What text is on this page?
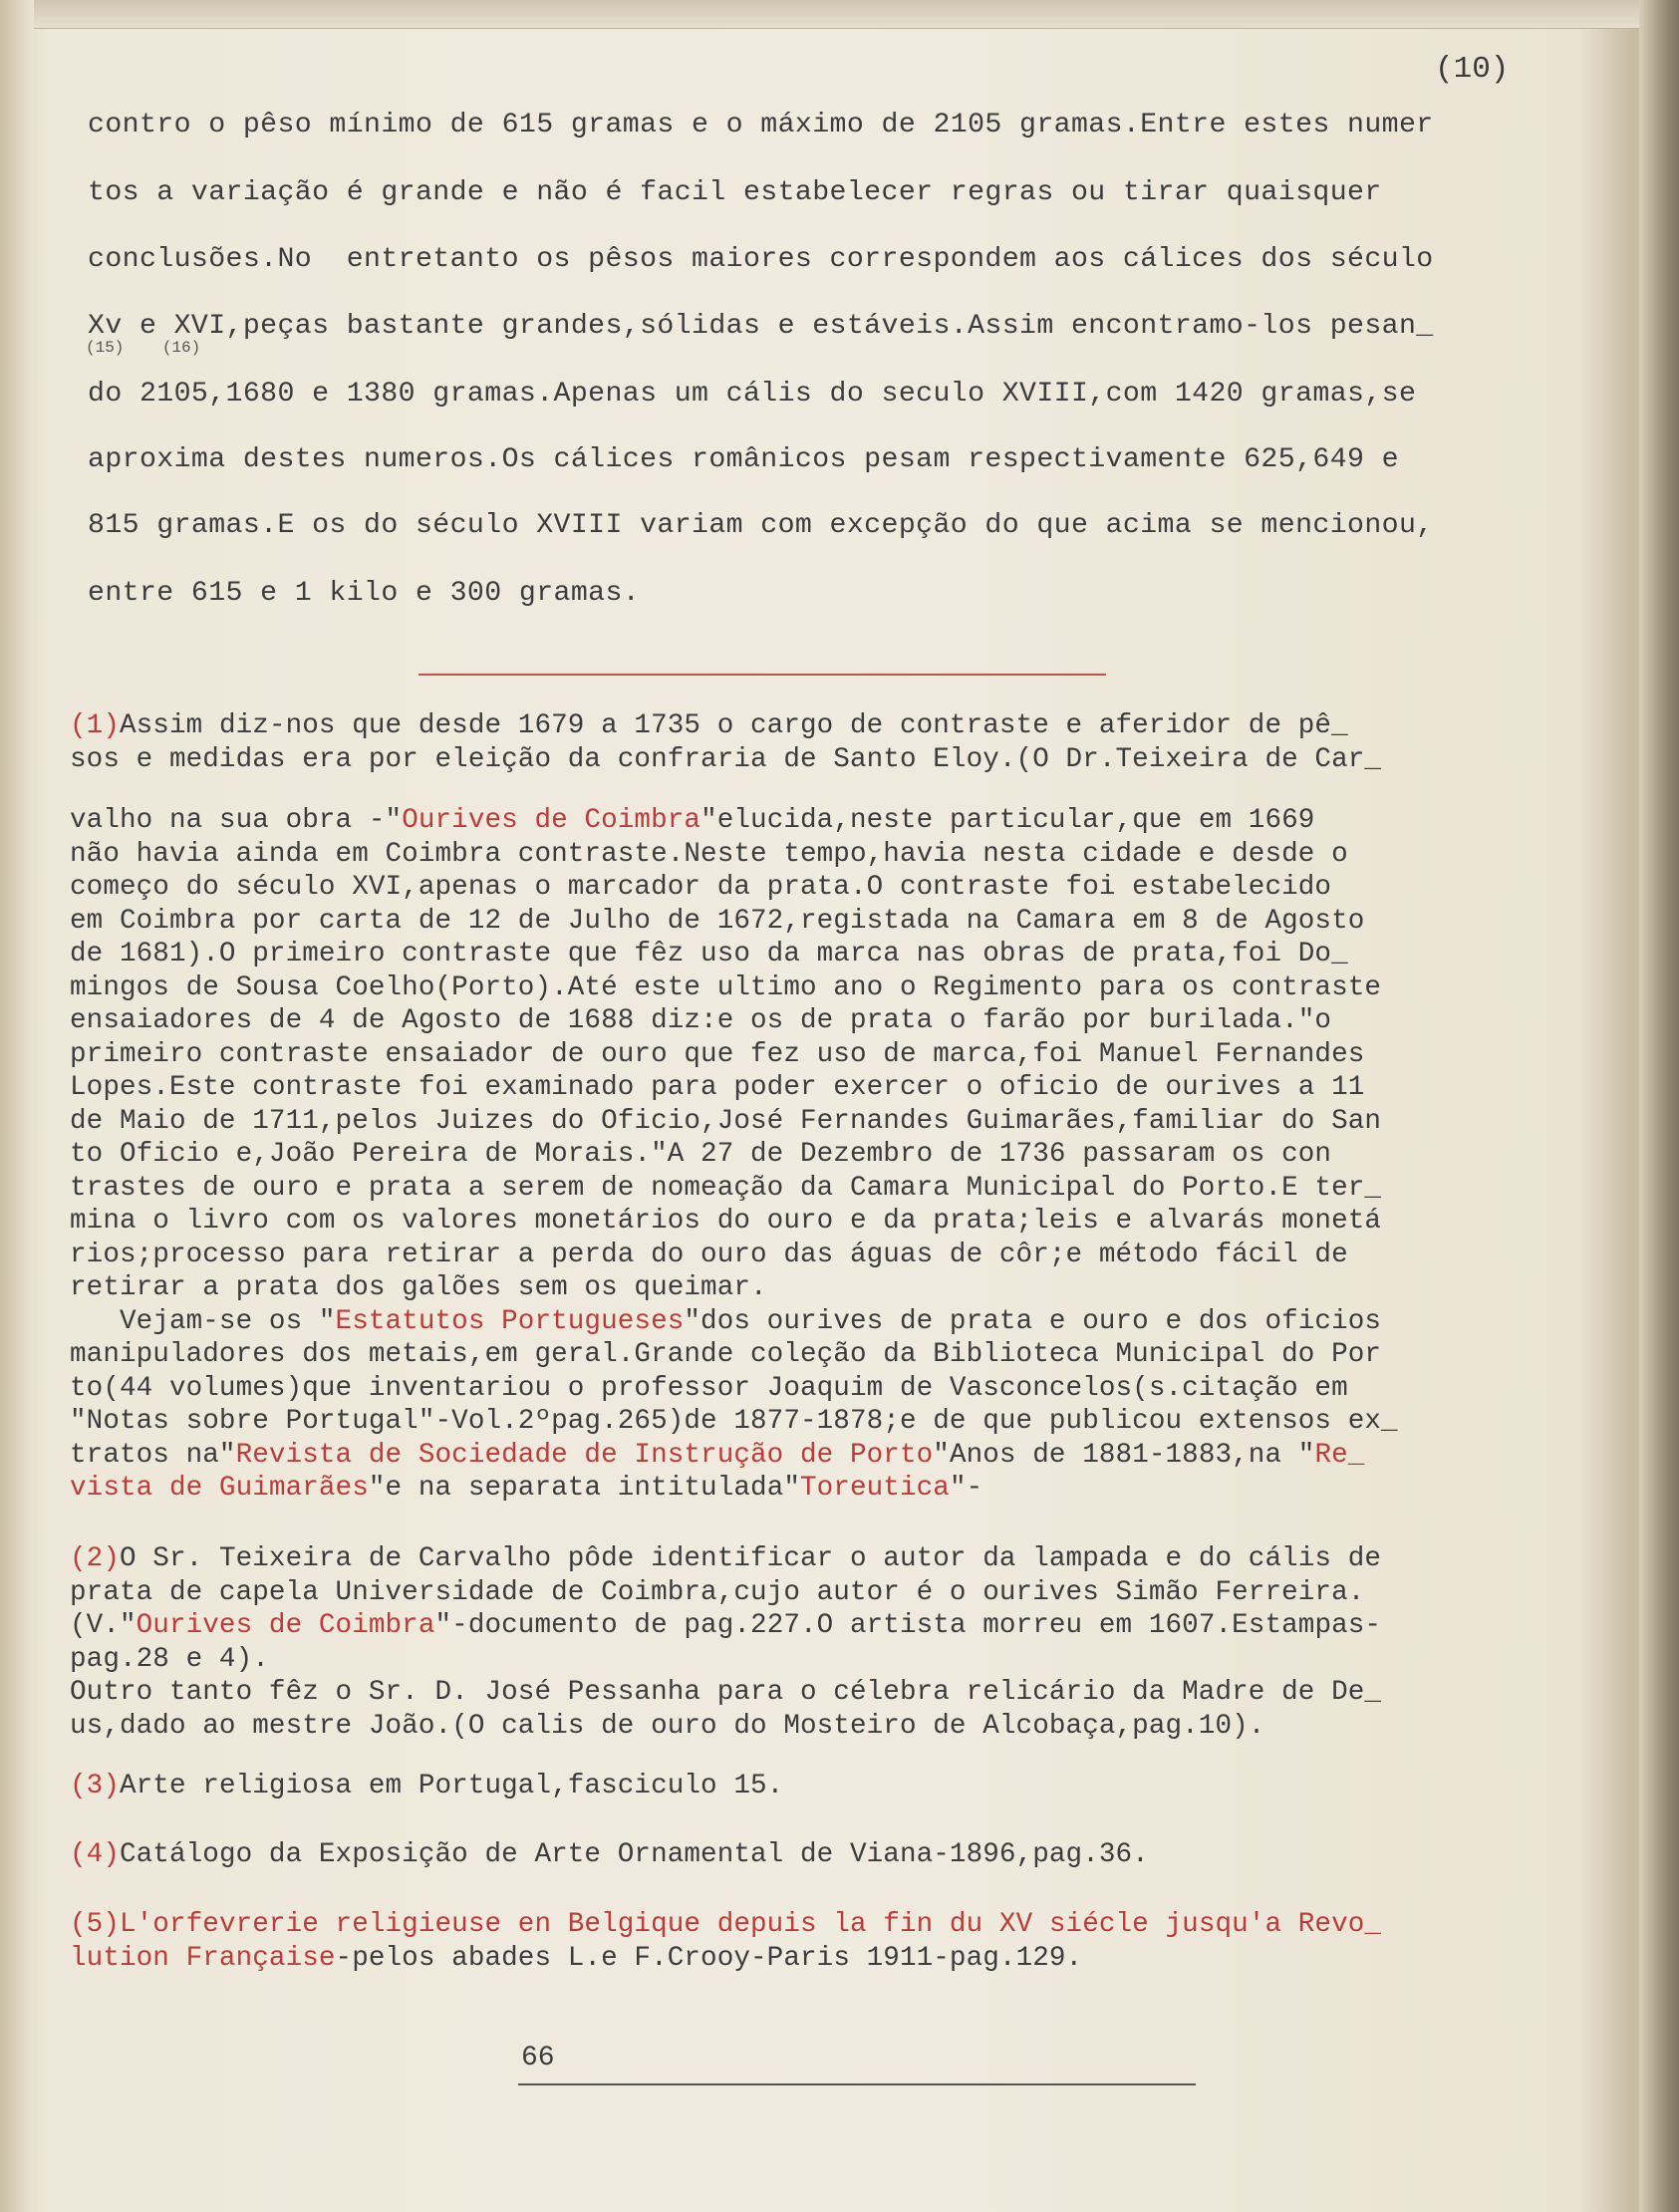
(10)
contro o pêso mínimo de 615 gramas e o máximo de 2105 gramas.Entre estes numer
tos a variação é grande e não é facil estabelecer regras ou tirar quaisquer
conclusões.No  entretanto os pêsos maiores correspondem aos cálices dos século
Xv e XVI,peças bastante grandes,sólidas e estáveis.Assim encontramo-los pesan_
do 2105,1680 e 1380 gramas.Apenas um cális do seculo XVIII,com 1420 gramas,se
aproxima destes numeros.Os cálices românicos pesam respectivamente 625,649 e
815 gramas.E os do século XVIII variam com excepção do que acima se mencionou,
entre 615 e 1 kilo e 300 gramas.
(15)    (16)
(1)Assim diz-nos que desde 1679 a 1735 o cargo de contraste e aferidor de pê_
sos e medidas era por eleição da confraria de Santo Eloy.(O Dr.Teixeira de Car_
valho na sua obra -"Ourives de Coimbra"elucida,neste particular,que em 1669
não havia ainda em Coimbra contraste.Neste tempo,havia nesta cidade e desde o
começo do século XVI,apenas o marcador da prata.O contraste foi estabelecido
em Coimbra por carta de 12 de Julho de 1672,registada na Camara em 8 de Agosto
de 1681).O primeiro contraste que fêz uso da marca nas obras de prata,foi Do_
mingos de Sousa Coelho(Porto).Até este ultimo ano o Regimento para os contraste
ensaiadores de 4 de Agosto de 1688 diz:e os de prata o farão por burilada."o
primeiro contraste ensaiador de ouro que fez uso de marca,foi Manuel Fernandes
Lopes.Este contraste foi examinado para poder exercer o oficio de ourives a 11
de Maio de 1711,pelos Juizes do Oficio,José Fernandes Guimarães,familiar do San
to Oficio e,João Pereira de Morais."A 27 de Dezembro de 1736 passaram os con
trastes de ouro e prata a serem de nomeação da Camara Municipal do Porto.E ter_
mina o livro com os valores monetários do ouro e da prata;leis e alvarás monetá
rios;processo para retirar a perda do ouro das águas de côr;e método fácil de
retirar a prata dos galões sem os queimar.
Vejam-se os "Estatutos Portugueses"dos ourives de prata e ouro e dos oficios
manipuladores dos metais,em geral.Grande coleção da Biblioteca Municipal do Por
to(44 volumes)que inventariou o professor Joaquim de Vasconcelos(s.citação em
"Notas sobre Portugal"-Vol.2ºpag.265)de 1877-1878;e de que publicou extensos ex_
tratos na"Revista de Sociedade de Instrução de Porto"Anos de 1881-1883,na "Re_
vista de Guimarães"e na separata intitulada"Toreutica"-
(2)O Sr. Teixeira de Carvalho pôde identificar o autor da lampada e do cális de
prata de capela Universidade de Coimbra,cujo autor é o ourives Simão Ferreira.
(V."Ourives de Coimbra"-documento de pag.227.O artista morreu em 1607.Estampas-
pag.28 e 4).
Outro tanto fêz o Sr. D. José Pessanha para o célebra relicário da Madre de De_
us,dado ao mestre João.(O calis de ouro do Mosteiro de Alcobaça,pag.10).
(3)Arte religiosa em Portugal,fasciculo 15.
(4)Catálogo da Exposição de Arte Ornamental de Viana-1896,pag.36.
(5)L'orfevrerie religieuse en Belgique depuis la fin du XV siécle jusqu'a Revo_
lution Française-pelos abades L.e F.Crooy-Paris 1911-pag.129.
66
